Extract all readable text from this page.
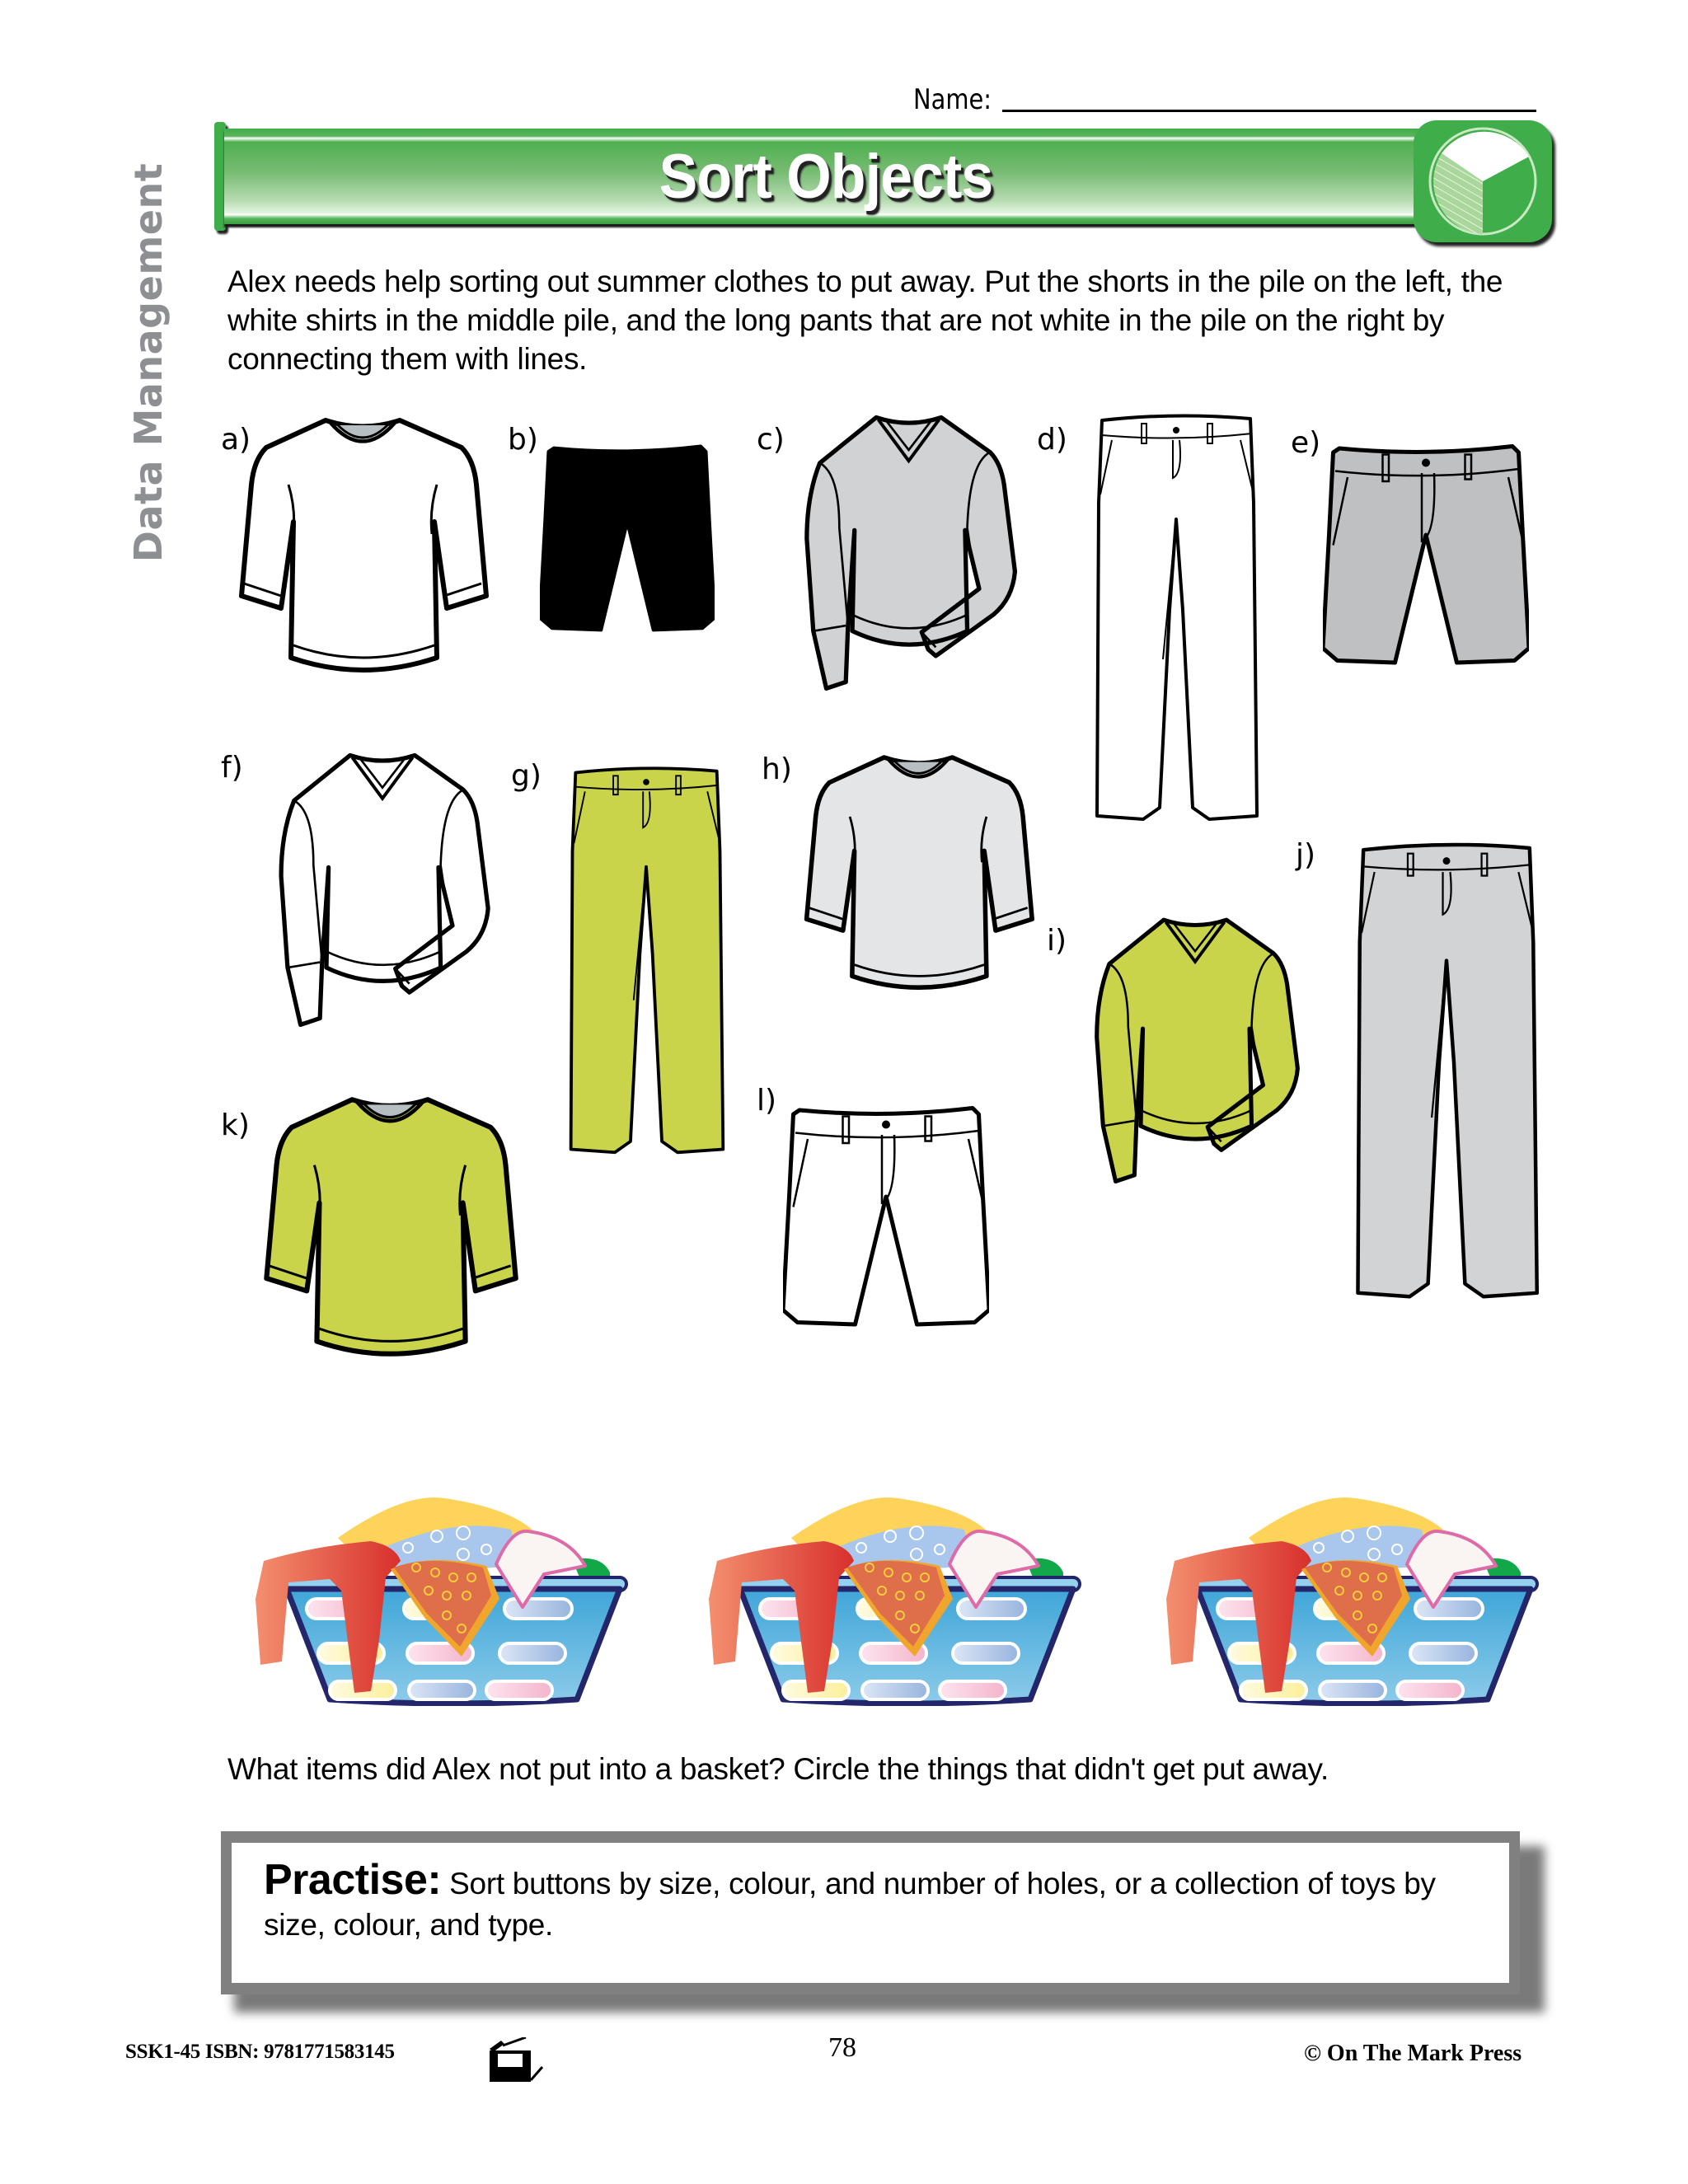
Data Management
Name:
Sort Objects
Alex needs help sorting out summer clothes to put away. Put the shorts in the pile on the left, the white shirts in the middle pile, and the long pants that are not white in the pile on the right by connecting them with lines.
a)	b)	c)	d)	e)
f)	g)	h)
i)
j)
k)
l)
What items did Alex not put into a basket? Circle the things that didn't get put away.
Practise: Sort buttons by size, colour, and number of holes, or a collection of toys by size, colour, and type.
SSK1-45 ISBN: 9781771583145	78	© On The Mark Press
